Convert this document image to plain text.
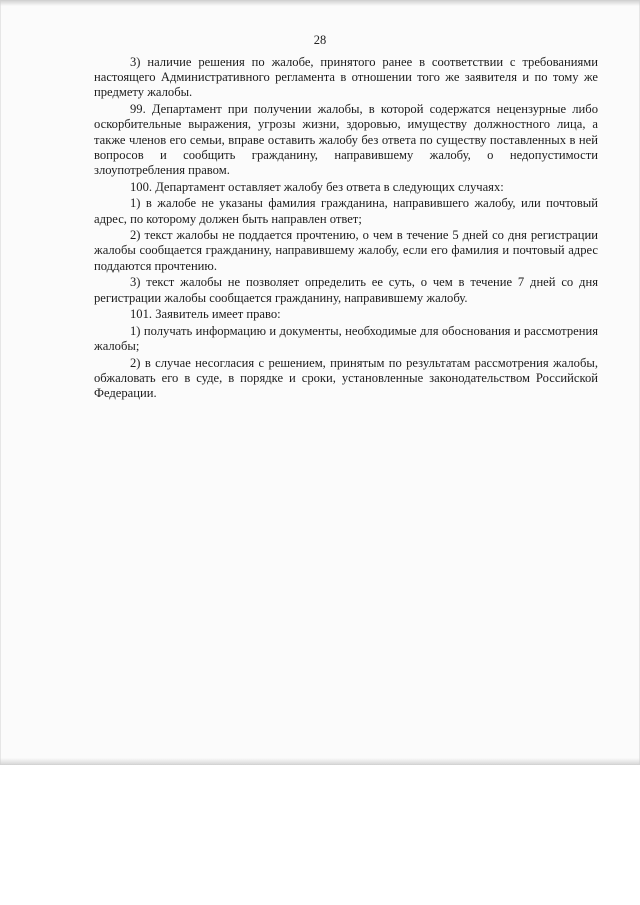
28

3) наличие решения по жалобе, принятого ранее в соответствии с требованиями настоящего Административного регламента в отношении того же заявителя и по тому же предмету жалобы.

99. Департамент при получении жалобы, в которой содержатся нецензурные либо оскорбительные выражения, угрозы жизни, здоровью, имуществу должностного лица, а также членов его семьи, вправе оставить жалобу без ответа по существу поставленных в ней вопросов и сообщить гражданину, направившему жалобу, о недопустимости злоупотребления правом.

100. Департамент оставляет жалобу без ответа в следующих случаях:

1) в жалобе не указаны фамилия гражданина, направившего жалобу, или почтовый адрес, по которому должен быть направлен ответ;

2) текст жалобы не поддается прочтению, о чем в течение 5 дней со дня регистрации жалобы сообщается гражданину, направившему жалобу, если его фамилия и почтовый адрес поддаются прочтению.

3) текст жалобы не позволяет определить ее суть, о чем в течение 7 дней со дня регистрации жалобы сообщается гражданину, направившему жалобу.

101. Заявитель имеет право:

1) получать информацию и документы, необходимые для обоснования и рассмотрения жалобы;

2) в случае несогласия с решением, принятым по результатам рассмотрения жалобы, обжаловать его в суде, в порядке и сроки, установленные законодательством Российской Федерации.
